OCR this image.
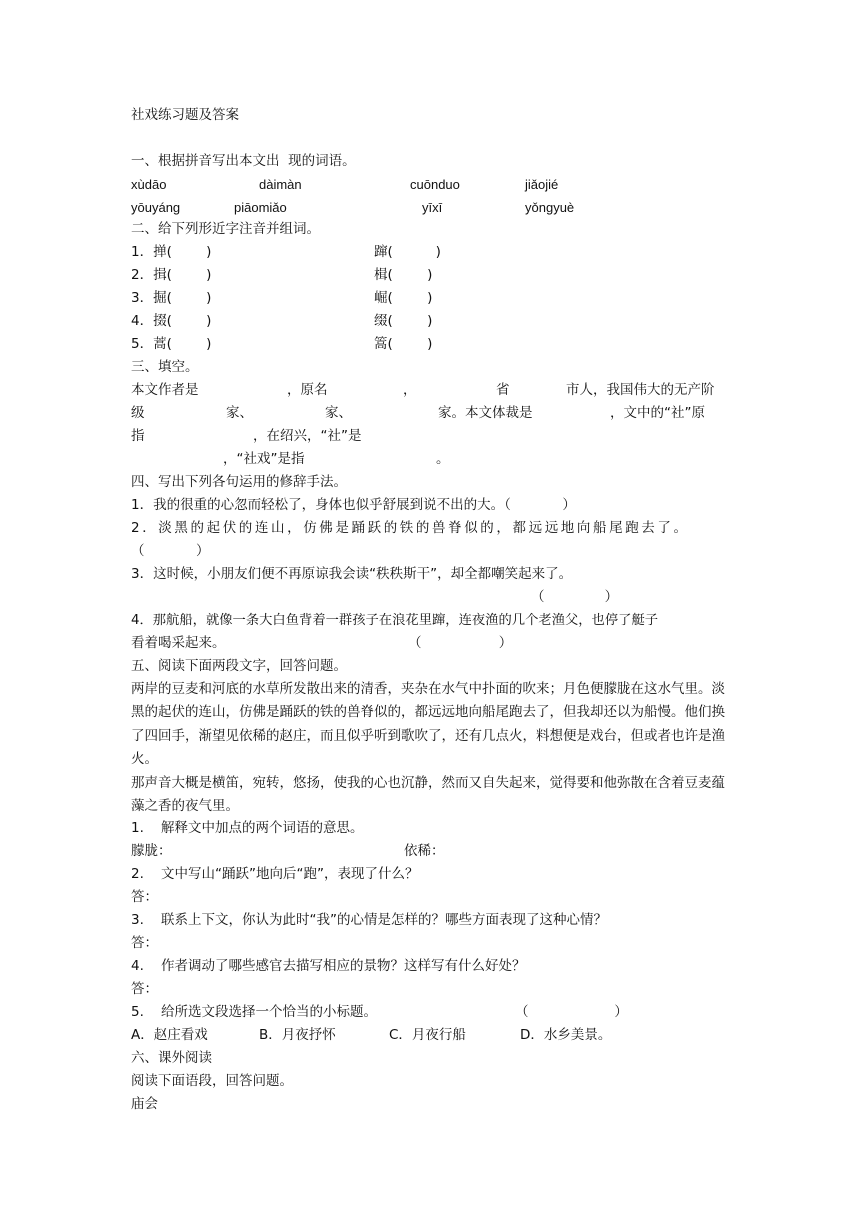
社戏练习题及答案
一、根据拼音写出本文出  现的词语。
xùdāo	dàimàn	cuōnduo	jiǎojié
yōuyáng	piāomiǎo	yīxī	yǒngyuè
二、给下列形近字注音并组词。
1．掸(        )	蹿(          )
2．揖(        )	楫(        )
3．掘(        )	崛(        )
4．掇(        )	缀(        )
5．蒿(        )	篙(        )
三、填空。
本文作者是	，原名	，	省	市人，我国伟大的无产阶
级	家、	家、	家。本文体裁是	，文中的“社”原
指	，在绍兴，“社”是
，“社戏”是指	。
四、写出下列各句运用的修辞手法。
1．我的很重的心忽而轻松了，身体也似乎舒展到说不出的大。（            ）
2．淡黑的起伏的连山，仿佛是踊跃的铁的兽脊似的，都远远地向船尾跑去了。
（            ）
3．这时候，小朋友们便不再原谅我会读“秩秩斯干”，却全都嘲笑起来了。
（              ）
4．那航船，就像一条大白鱼背着一群孩子在浪花里蹿，连夜渔的几个老渔父，也停了艇子
看着喝采起来。	（                  ）
五、阅读下面两段文字，回答问题。
两岸的豆麦和河底的水草所发散出来的清香，夹杂在水气中扑面的吹来；月色便朦胧在这水气里。淡黑的起伏的连山，仿佛是踊跃的铁的兽脊似的，都远远地向船尾跑去了，但我却还以为船慢。他们换了四回手，渐望见依稀的赵庄，而且似乎听到歌吹了，还有几点火，料想便是戏台，但或者也许是渔火。
那声音大概是横笛，宛转，悠扬，使我的心也沉静，然而又自失起来，觉得要和他弥散在含着豆麦蕴藻之香的夜气里。
1.    解释文中加点的两个词语的意思。
朦胧：	依稀：
2.    文中写山“踊跃”地向后“跑”，表现了什么？
答：
3.    联系上下文，你认为此时“我”的心情是怎样的？哪些方面表现了这种心情？
答：
4.    作者调动了哪些感官去描写相应的景物？这样写有什么好处？
答：
5.    给所选文段选择一个恰当的小标题。	（                    ）
A．赵庄看戏	B．月夜抒怀	C．月夜行船	D．水乡美景。
六、课外阅读
阅读下面语段，回答问题。
庙会
